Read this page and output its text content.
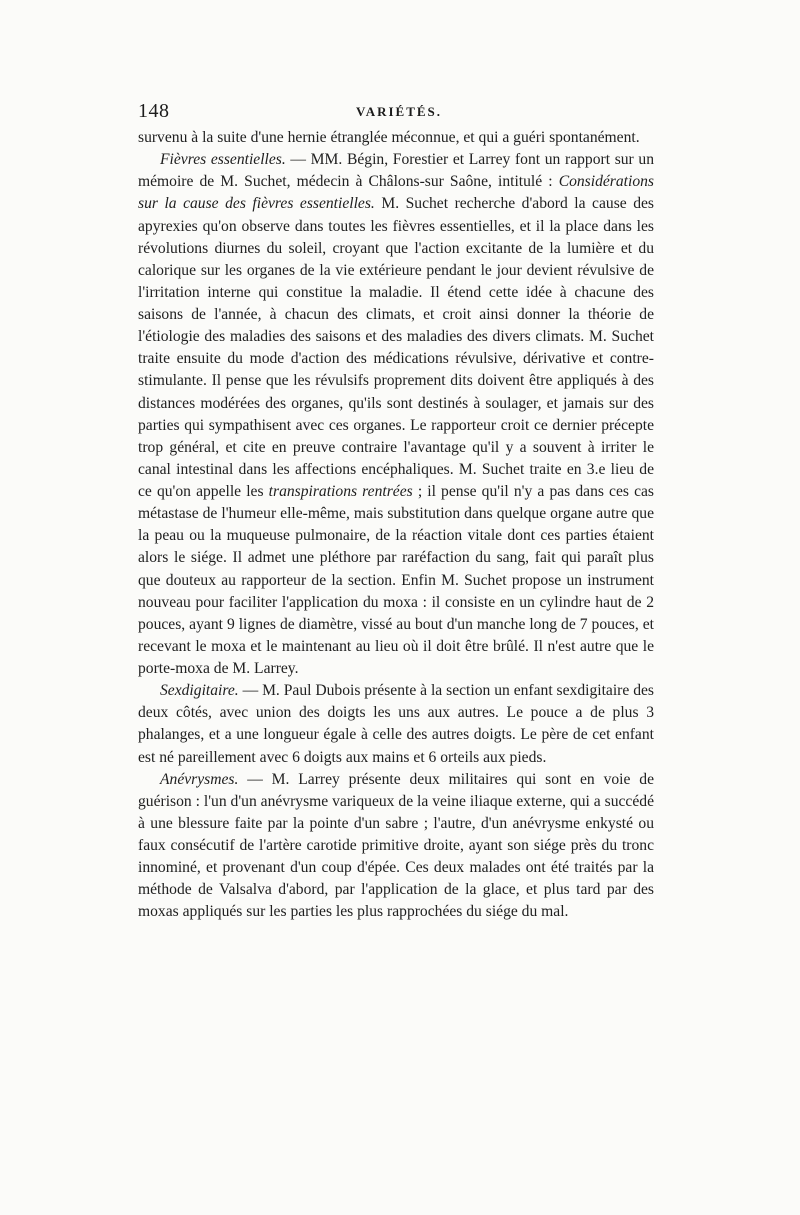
148	VARIÉTÉS.

survenu à la suite d'une hernie étranglée méconnue, et qui a guéri spontanément.

Fièvres essentielles. — MM. Bégin, Forestier et Larrey font un rapport sur un mémoire de M. Suchet, médecin à Châlons-sur Saône, intitulé : Considérations sur la cause des fièvres essentielles. M. Suchet recherche d'abord la cause des apyrexies qu'on observe dans toutes les fièvres essentielles, et il la place dans les révolutions diurnes du soleil, croyant que l'action excitante de la lumière et du calorique sur les organes de la vie extérieure pendant le jour devient révulsive de l'irritation interne qui constitue la maladie. Il étend cette idée à chacune des saisons de l'année, à chacun des climats, et croit ainsi donner la théorie de l'étiologie des maladies des saisons et des maladies des divers climats. M. Suchet traite ensuite du mode d'action des médications révulsive, dérivative et contre-stimulante. Il pense que les révulsifs proprement dits doivent être appliqués à des distances modérées des organes, qu'ils sont destinés à soulager, et jamais sur des parties qui sympathisent avec ces organes. Le rapporteur croit ce dernier précepte trop général, et cite en preuve contraire l'avantage qu'il y a souvent à irriter le canal intestinal dans les affections encéphaliques. M. Suchet traite en 3.e lieu de ce qu'on appelle les transpirations rentrées ; il pense qu'il n'y a pas dans ces cas métastase de l'humeur elle-même, mais substitution dans quelque organe autre que la peau ou la muqueuse pulmonaire, de la réaction vitale dont ces parties étaient alors le siége. Il admet une pléthore par raréfaction du sang, fait qui paraît plus que douteux au rapporteur de la section. Enfin M. Suchet propose un instrument nouveau pour faciliter l'application du moxa : il consiste en un cylindre haut de 2 pouces, ayant 9 lignes de diamètre, vissé au bout d'un manche long de 7 pouces, et recevant le moxa et le maintenant au lieu où il doit être brûlé. Il n'est autre que le porte-moxa de M. Larrey.

Sexdigitaire. — M. Paul Dubois présente à la section un enfant sexdigitaire des deux côtés, avec union des doigts les uns aux autres. Le pouce a de plus 3 phalanges, et a une longueur égale à celle des autres doigts. Le père de cet enfant est né pareillement avec 6 doigts aux mains et 6 orteils aux pieds.

Anévrysmes. — M. Larrey présente deux militaires qui sont en voie de guérison : l'un d'un anévrysme variqueux de la veine iliaque externe, qui a succédé à une blessure faite par la pointe d'un sabre ; l'autre, d'un anévrysme enkysté ou faux consécutif de l'artère carotide primitive droite, ayant son siége près du tronc innominé, et provenant d'un coup d'épée. Ces deux malades ont été traités par la méthode de Valsalva d'abord, par l'application de la glace, et plus tard par des moxas appliqués sur les parties les plus rapprochées du siége du mal.
